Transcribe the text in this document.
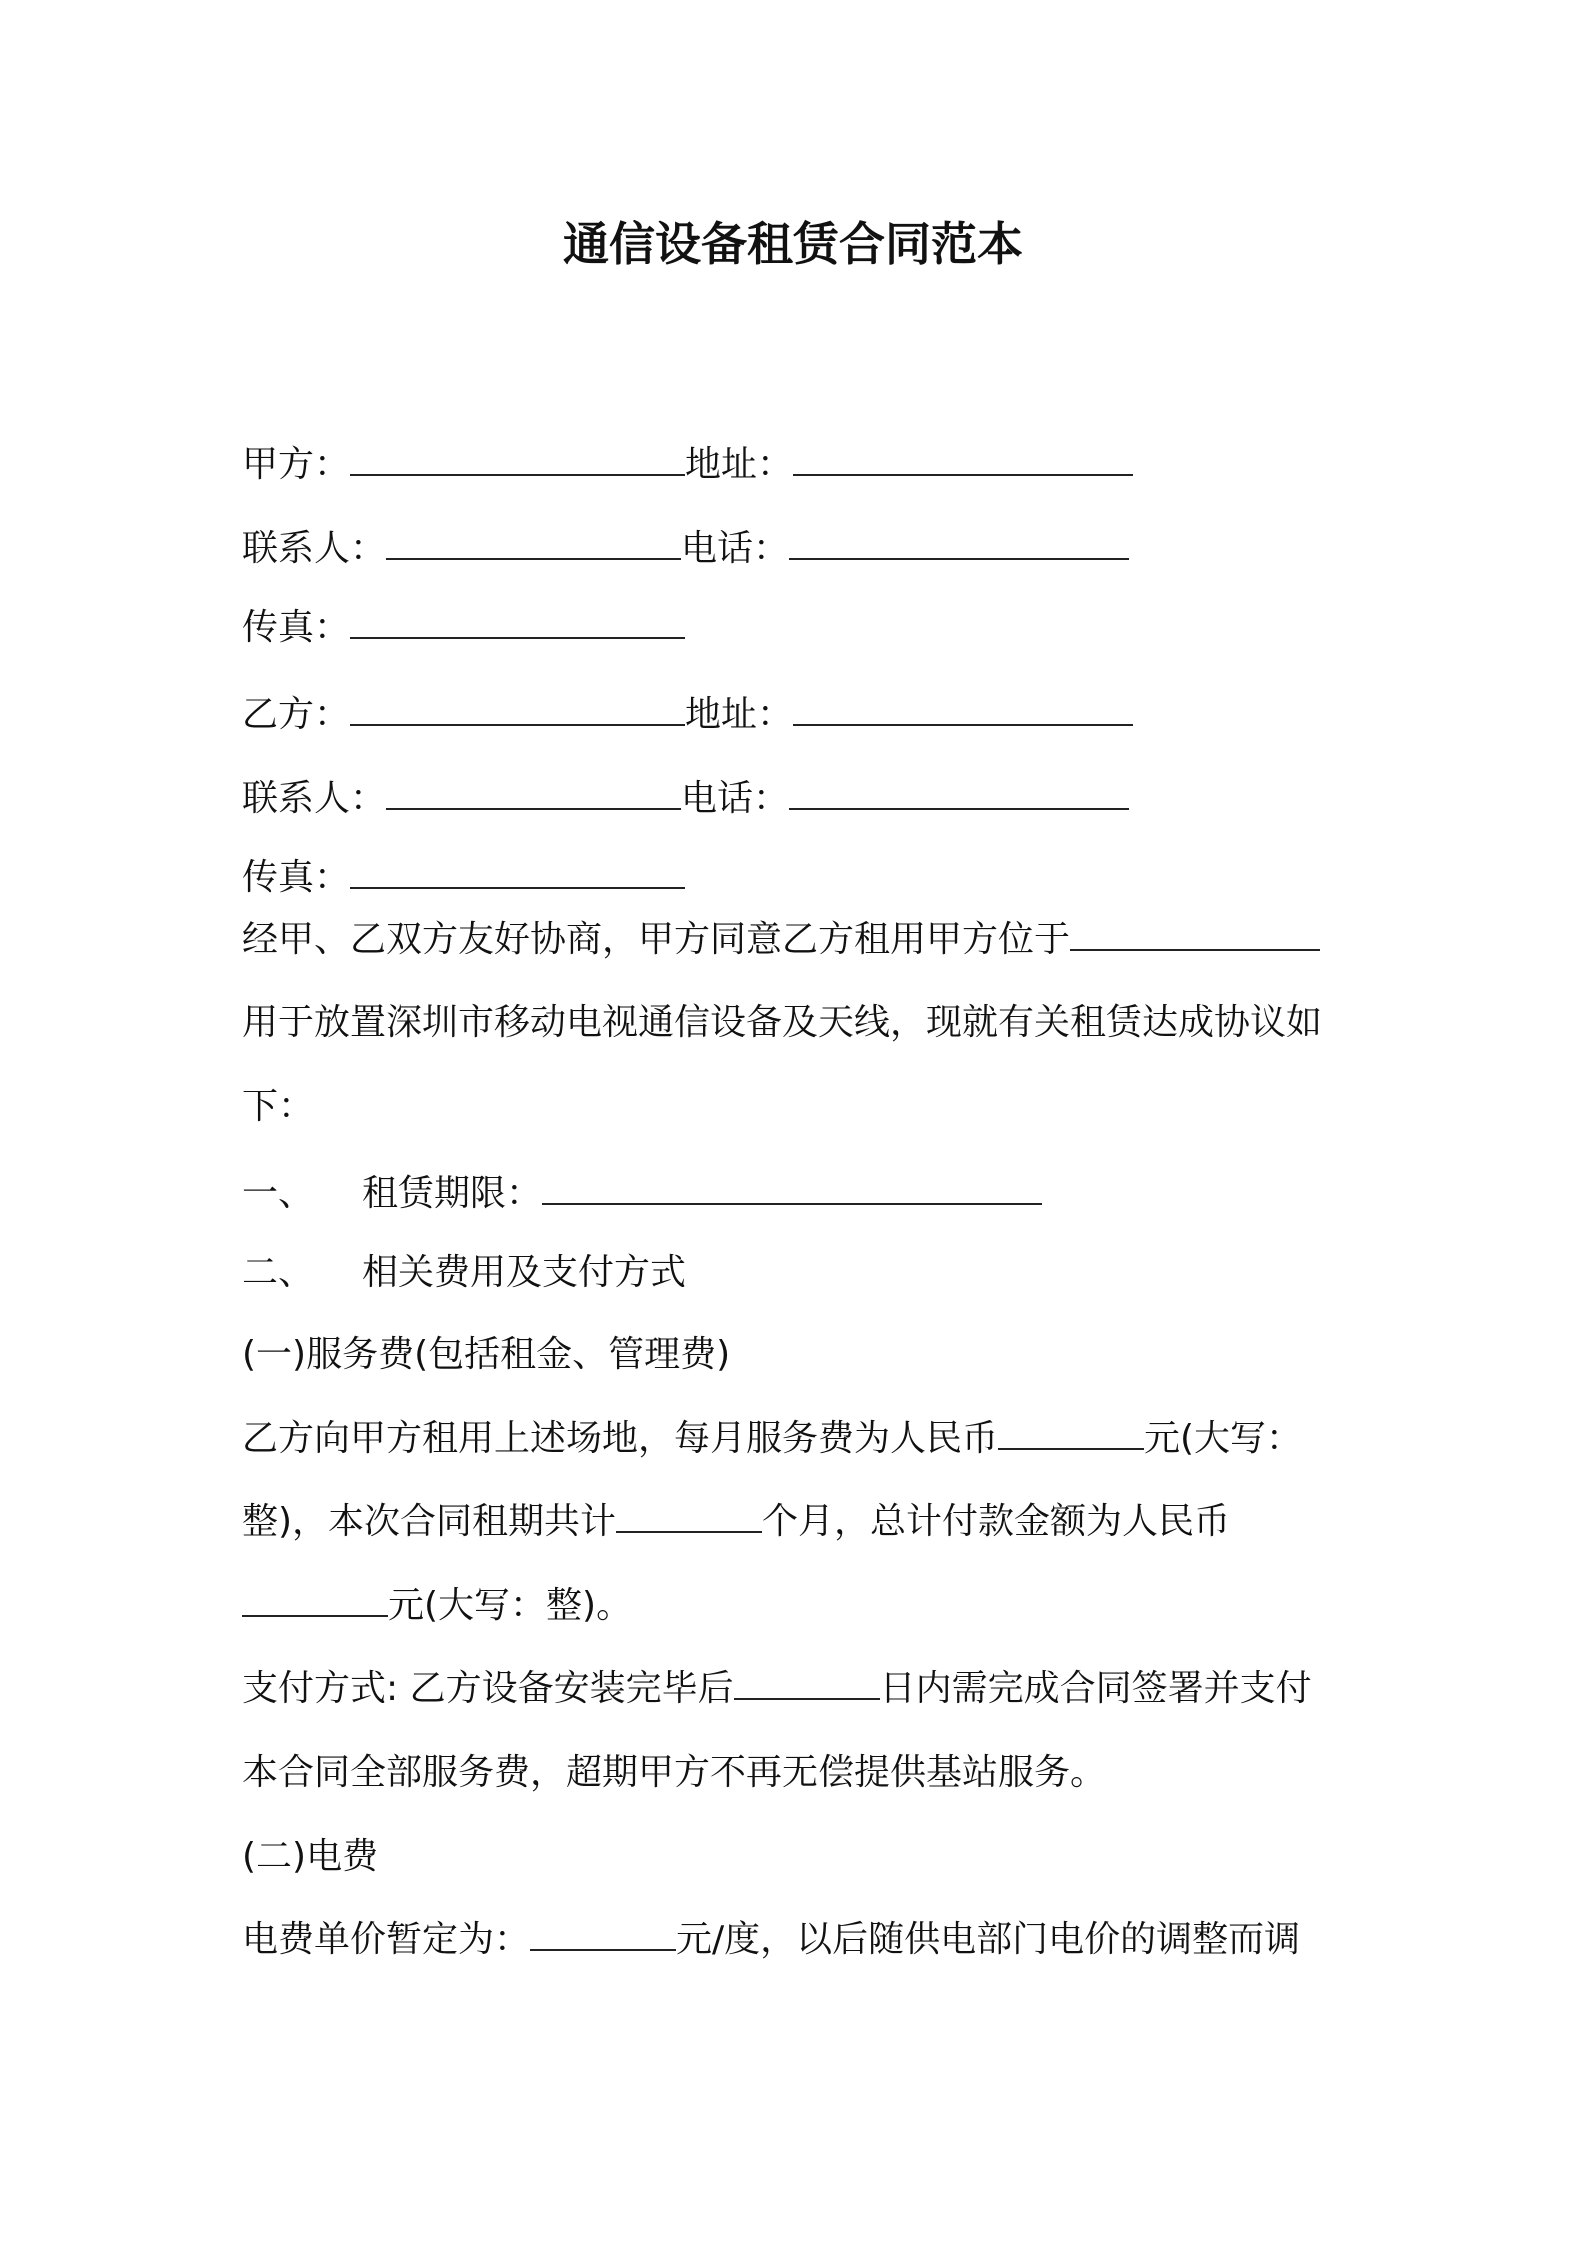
通信设备租赁合同范本
甲方：	地址：
联系人：	电话：
传真：
乙方：	地址：
联系人：	电话：
传真：
经甲、乙双方友好协商，甲方同意乙方租用甲方位于
用于放置深圳市移动电视通信设备及天线，现就有关租赁达成协议如
下：
一、 租赁期限：
二、 相关费用及支付方式
(一)服务费(包括租金、管理费)
乙方向甲方租用上述场地，每月服务费为人民币	元(大写：
整)，本次合同租期共计	个月，总计付款金额为人民币
元(大写：整)。
支付方式: 乙方设备安装完毕后	日内需完成合同签署并支付
本合同全部服务费，超期甲方不再无偿提供基站服务。
(二)电费
电费单价暂定为：	元/度，以后随供电部门电价的调整而调
